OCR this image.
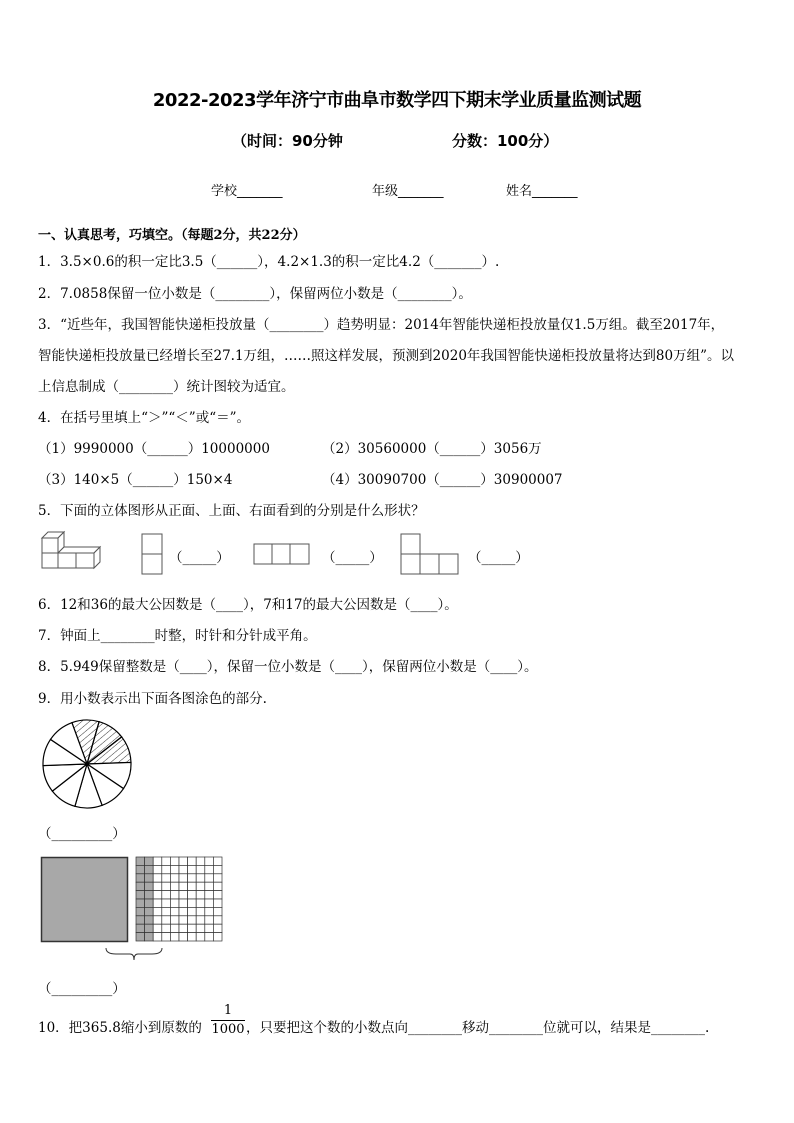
2022-2023学年济宁市曲阜市数学四下期末学业质量监测试题
（时间：90分钟	分数：100分）
学校_______	年级_______	姓名_______
一、认真思考，巧填空。（每题2分，共22分）
1．3.5×0.6的积一定比3.5（______），4.2×1.3的积一定比4.2（_______）.
2．7.0858保留一位小数是（________），保留两位小数是（________）。
3．“近些年，我国智能快递柜投放量（________）趋势明显：2014年智能快递柜投放量仅1.5万组。截至2017年，
智能快递柜投放量已经增长至27.1万组，……照这样发展，预测到2020年我国智能快递柜投放量将达到80万组”。以
上信息制成（________）统计图较为适宜。
4．在括号里填上“＞”“＜”或“＝”。
（1）9990000（______）10000000	（2）30560000（______）3056万
（3）140×5（______）150×4	（4）30090700（______）30900007
5．下面的立体图形从正面、上面、右面看到的分别是什么形状？
（_____）	（_____）	（_____）
6．12和36的最大公因数是（____），7和17的最大公因数是（____）。
7．钟面上________时整，时针和分针成平角。
8．5.949保留整数是（____），保留一位小数是（____），保留两位小数是（____）。
9．用小数表示出下面各图涂色的部分.
（_________）
（_________）
10．把365.8缩小到原数的
1
1000 ，只要把这个数的小数点向________移动________位就可以，结果是________.
